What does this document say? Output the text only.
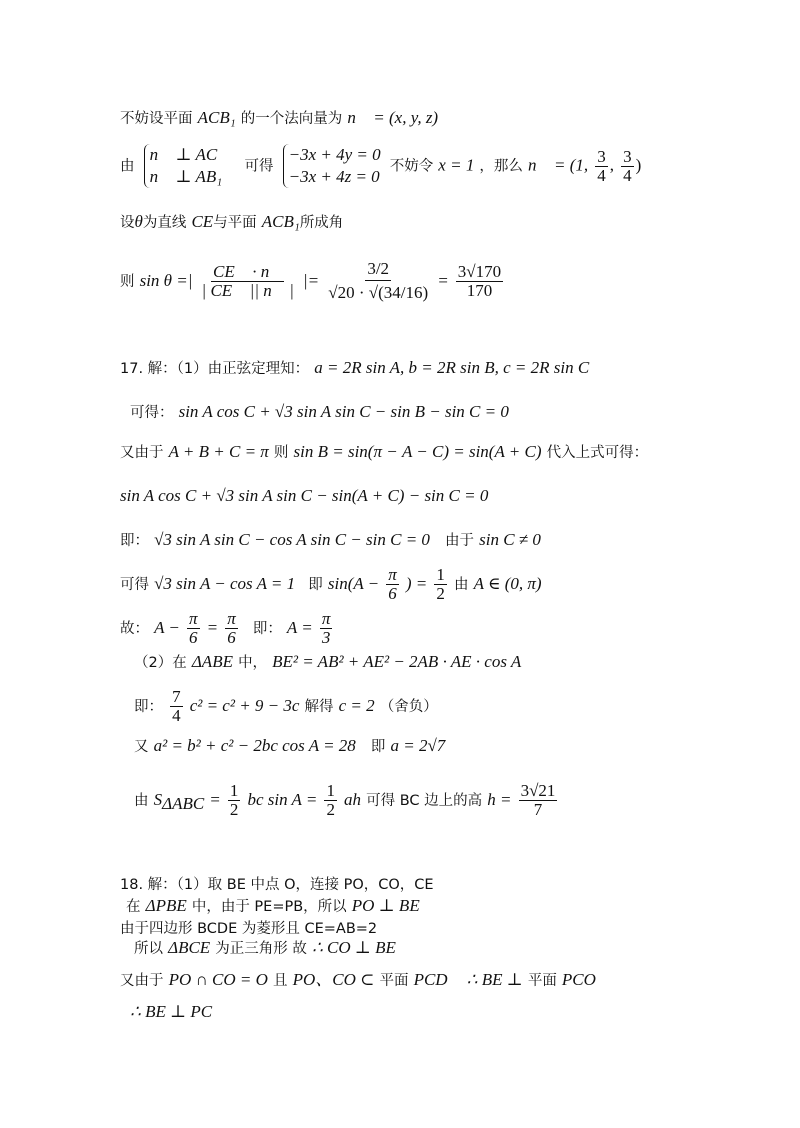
不妨设平面 ACB₁ 的一个法向量为 n⃗ = (x, y, z)
由
n⃗ ⊥ AC⃗
n⃗ ⊥ AB₁⃗
可得
−3x + 4y = 0
−3x + 4z = 0
不妨令 x = 1 ，那么 n⃗ = (1, $\frac{3}{4}$ , $\frac{3}{4}$ )
设θ为直线 CE与平面 ACB₁所成角
则 sin θ =| $\frac{CE⃗ \cdot n⃗}{| CE⃗ || n⃗ |}$ |= $\frac{3/2}{√20 \cdot √(34/16)} = \frac{3√170}{170}$
17. 解：（1）由正弦定理知： a = 2R sin A, b = 2R sin B, c = 2R sin C
可得： sin A cos C + √3 sin A sin C − sin B − sin C = 0
又由于 A + B + C = π 则 sin B = sin(π − A − C) = sin(A + C) 代入上式可得：
sin A cos C + √3 sin A sin C − sin(A + C) − sin C = 0
即： √3 sin A sin C − cos A sin C − sin C = 0 由于 sin C ≠ 0
可得 √3 sin A − cos A = 1 即 $\sin(A - \frac{\pi}{6}$ ) = $\frac{1}{2}$ 由 A ∈ (0, π)
故： $A - \frac{\pi}{6} = \frac{\pi}{6}$ 即： $A = \frac{\pi}{3}$
（2）在 ΔABE 中， BE² = AB² + AE² − 2AB · AE · cos A
即： $\frac{7}{4} c^2 = c^2 + 9 - 3c$ 解得 c = 2 （舍负）
又 a² = b² + c² − 2bc cos A = 28 即 a = 2√7
由 $S_{\Delta ABC} = \frac{1}{2}$ bc $\sin A = \frac{1}{2}$ ah 可得 BC 边上的高 $h = \frac{3√21}{7}$
18. 解：（1）取 BE 中点 O，连接 PO，CO，CE
在 ΔPBE 中，由于 PE=PB，所以 PO ⊥ BE
由于四边形 BCDE 为菱形且 CE=AB=2
所以 ΔBCE 为正三角形 故 ∴ CO ⊥ BE
又由于 PO ∩ CO = O 且 PO、CO ⊂ 平面 PCD ∴ BE ⊥ 平面 PCO
∴ BE ⊥ PC
